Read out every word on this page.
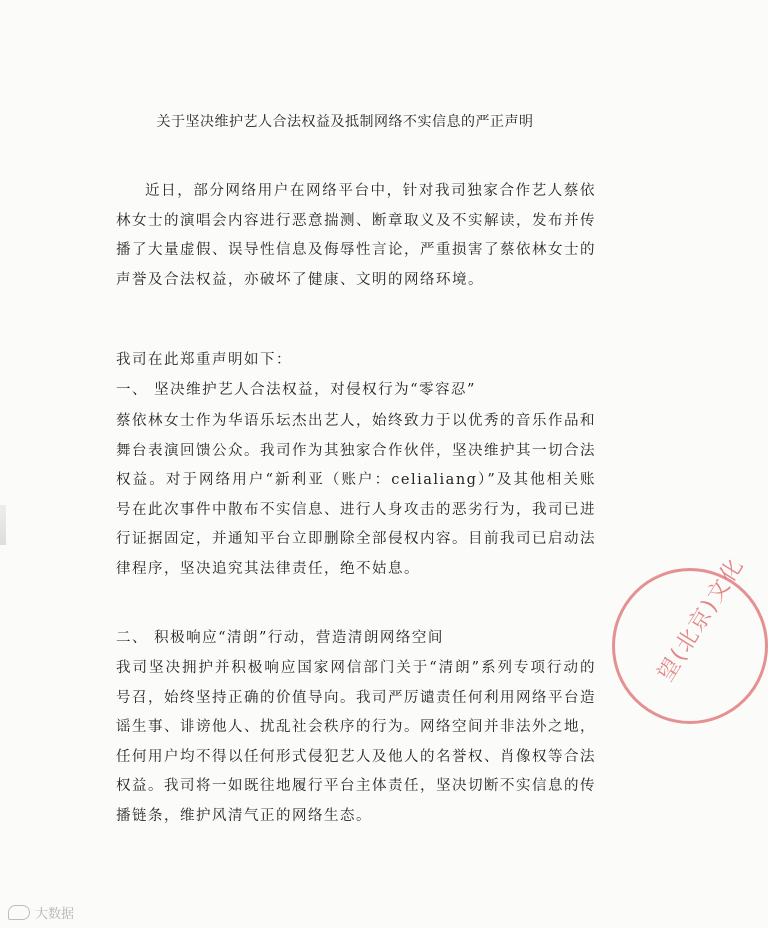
关于坚决维护艺人合法权益及抵制网络不实信息的严正声明

近日，部分网络用户在网络平台中，针对我司独家合作艺人蔡依林女士的演唱会内容进行恶意揣测、断章取义及不实解读，发布并传播了大量虚假、误导性信息及侮辱性言论，严重损害了蔡依林女士的声誉及合法权益，亦破坏了健康、文明的网络环境。

我司在此郑重声明如下：

一、 坚决维护艺人合法权益，对侵权行为“零容忍”

蔡依林女士作为华语乐坛杰出艺人，始终致力于以优秀的音乐作品和舞台表演回馈公众。我司作为其独家合作伙伴，坚决维护其一切合法权益。对于网络用户“新利亚（账户：celialiang）”及其他相关账号在此次事件中散布不实信息、进行人身攻击的恶劣行为，我司已进行证据固定，并通知平台立即删除全部侵权内容。目前我司已启动法律程序，坚决追究其法律责任，绝不姑息。

二、 积极响应“清朗”行动，营造清朗网络空间

我司坚决拥护并积极响应国家网信部门关于“清朗”系列专项行动的号召，始终坚持正确的价值导向。我司严厉谴责任何利用网络平台造谣生事、诽谤他人、扰乱社会秩序的行为。网络空间并非法外之地，任何用户均不得以任何形式侵犯艺人及他人的名誉权、肖像权等合法权益。我司将一如既往地履行平台主体责任，坚决切断不实信息的传播链条，维护风清气正的网络生态。

望(北京)文化
大数据
